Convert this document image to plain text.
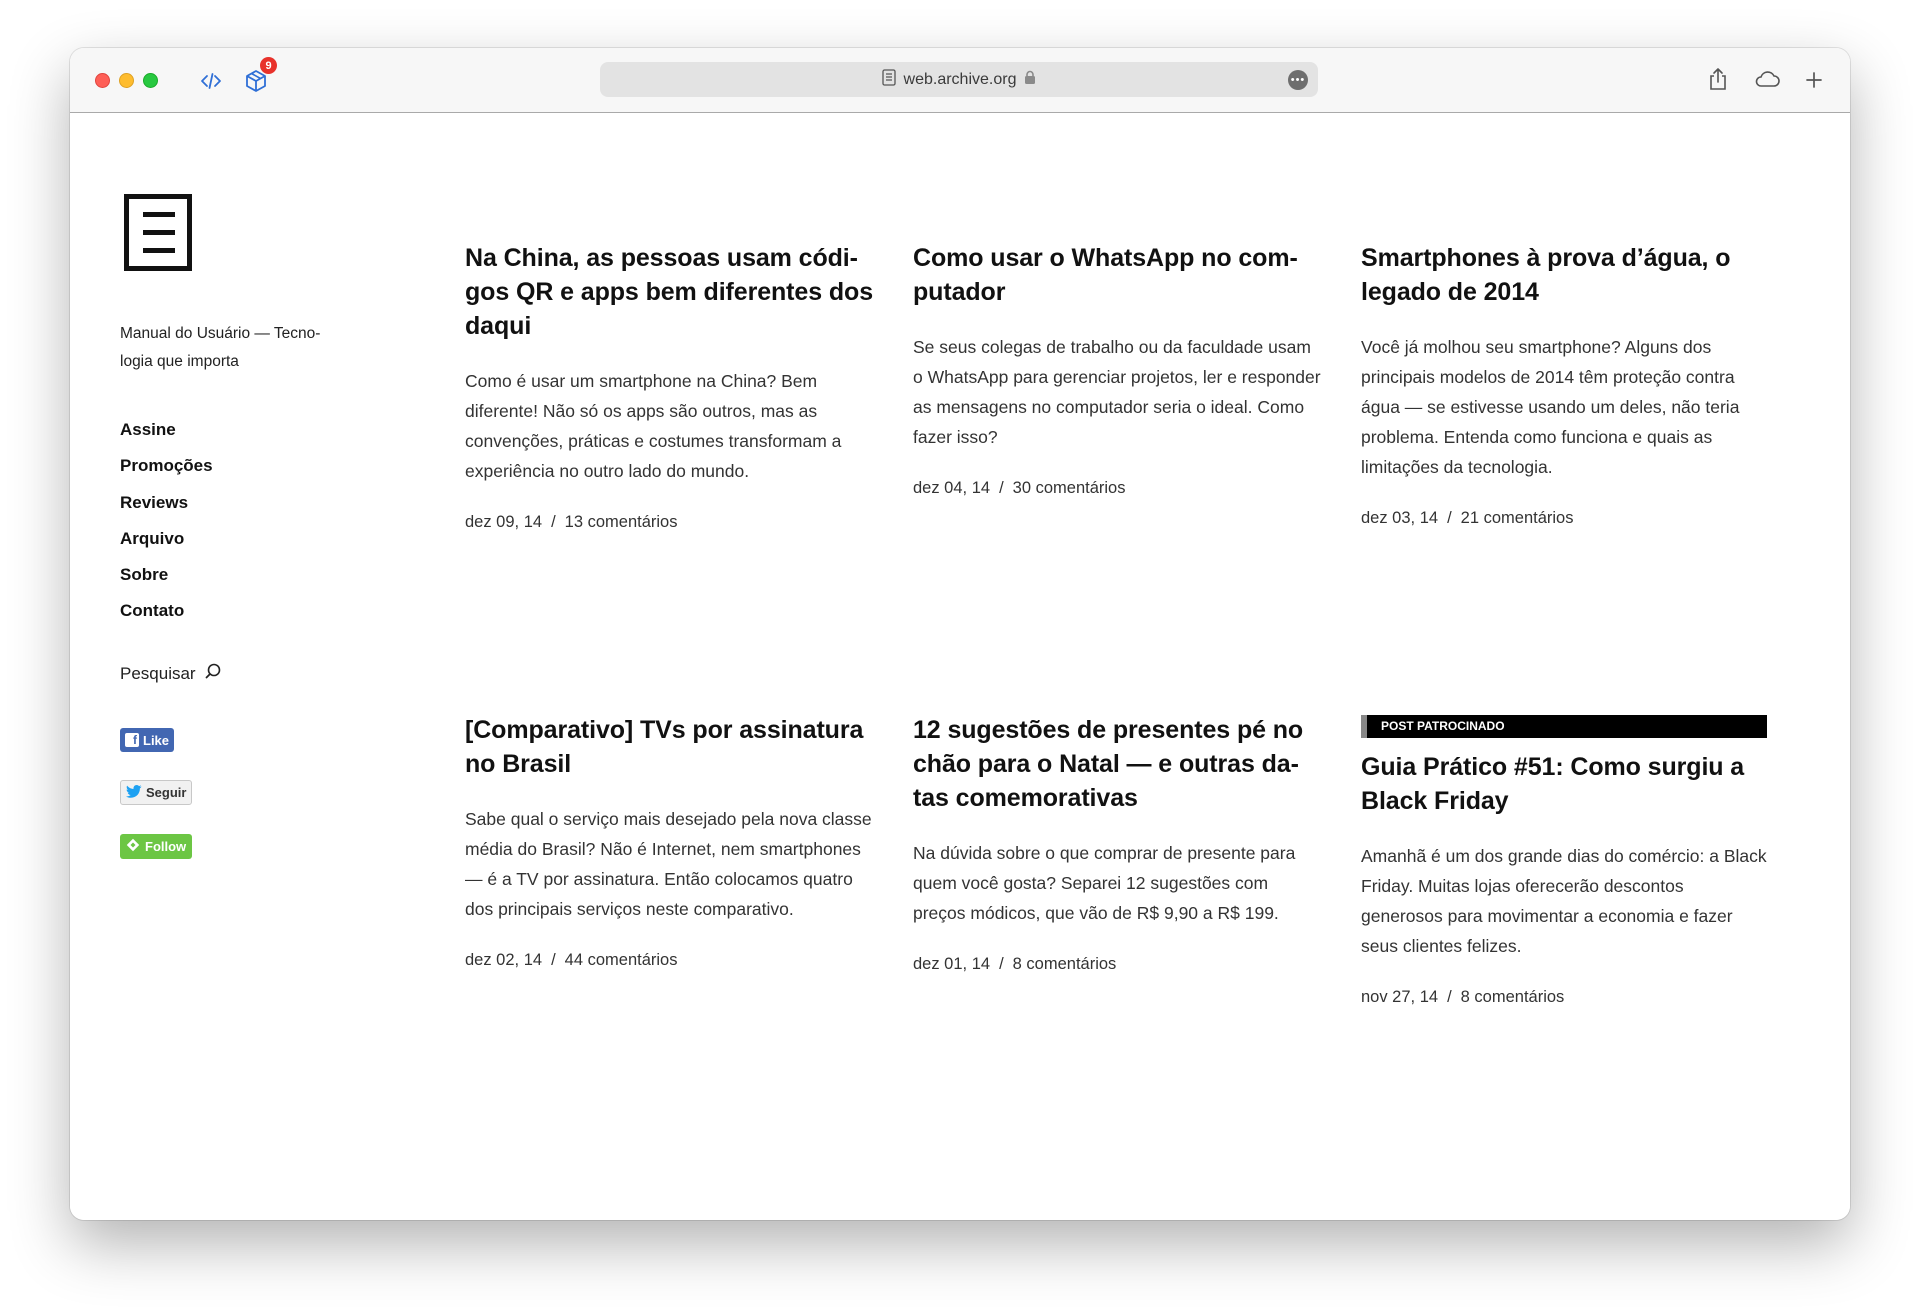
9
web.archive.org	•••
Manual do Usuário — Tecno-logia que importa
Assine
Promoções
Reviews
Arquivo
Sobre
Contato
Pesquisar
f Like
Seguir
Follow
Na China, as pessoas usam códi-gos QR e apps bem diferentes dos daqui

Como é usar um smartphone na China? Bem diferente! Não só os apps são outros, mas as convenções, práticas e costumes transformam a experiência no outro lado do mundo.

dez 09, 14 / 13 comentários
Como usar o WhatsApp no com-putador

Se seus colegas de trabalho ou da faculdade usam o WhatsApp para gerenciar projetos, ler e responder as mensagens no computador seria o ideal. Como fazer isso?

dez 04, 14 / 30 comentários
Smartphones à prova d’água, o legado de 2014

Você já molhou seu smartphone? Alguns dos principais modelos de 2014 têm proteção contra água — se estivesse usando um deles, não teria problema. Entenda como funciona e quais as limitações da tecnologia.

dez 03, 14 / 21 comentários
[Comparativo] TVs por assinatura no Brasil

Sabe qual o serviço mais desejado pela nova classe média do Brasil? Não é Internet, nem smartphones — é a TV por assinatura. Então colocamos quatro dos principais serviços neste comparativo.

dez 02, 14 / 44 comentários
12 sugestões de presentes pé no chão para o Natal — e outras da-tas comemorativas

Na dúvida sobre o que comprar de presente para quem você gosta? Separei 12 sugestões com preços módicos, que vão de R$ 9,90 a R$ 199.

dez 01, 14 / 8 comentários
POST PATROCINADO
Guia Prático #51: Como surgiu a Black Friday

Amanhã é um dos grande dias do comércio: a Black Friday. Muitas lojas oferecerão descontos generosos para movimentar a economia e fazer seus clientes felizes.

nov 27, 14 / 8 comentários
